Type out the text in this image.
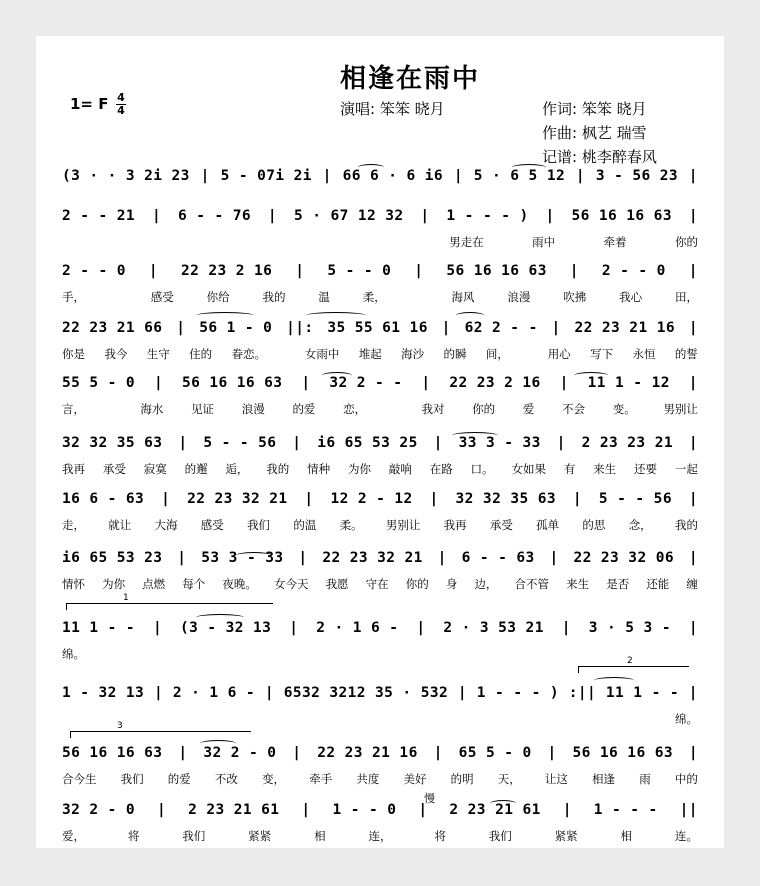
相逢在雨中
1= F 4
4	演唱: 笨笨 晓月	作词: 笨笨 晓月
作曲: 枫艺 瑞雪
记谱: 桃李醉春风
(3 · · 3 2i 23 | 5 - 07i 2i | 66 6 · 6 i6 | 5 · 6 5 12 | 3 - 56 23 |
2 - - 21 | 6 - - 76 | 5 · 67 12 32 | 1 - - - ) | 56 16 16 63 |
男走在	雨中	牵着	你的
2 - - 0 | 22 23 2 16 | 5 - - 0 | 56 16 16 63 | 2 - - 0 |
手，	感受	你给	我的	温	柔，	海风	浪漫	吹拂	我心	田，
22 23 21 66 | 56 1 - 0 ||: 35 55 61 16 | 62 2 - - | 22 23 21 16 |
你是 我今 生守 住的 眷恋。	女雨中 堆起 海沙 的瞬 间，	用心 写下 永恒 的誓
55 5 - 0 | 56 16 16 63 | 32 2 - - | 22 23 2 16 | 11 1 - 12 |
言，	海水 见证 浪漫 的爱 恋，	我对 你的 爱 不会 变。 男别让
32 32 35 63 | 5 - - 56 | i6 65 53 25 | 33 3 - 33 | 2 23 23 21 |
我再 承受 寂寞 的邂 逅， 我的 情种 为你 敲响 在路 口。 女如果 有 来生 还要 一起
16 6 - 63 | 22 23 32 21 | 12 2 - 12 | 32 32 35 63 | 5 - - 56 |
走， 就让 大海 感受 我们 的温 柔。 男别让 我再 承受 孤单 的思 念， 我的
i6 65 53 23 | 53 3 - 33 | 22 23 32 21 | 6 - - 63 | 22 23 32 06 |
情怀 为你 点燃 每个 夜晚。 女今天 我愿 守在 你的 身 边， 合不管 来生 是否 还能 缠
11 1 - - | (3 - 32 13 | 2 · 1 6 - | 2 · 3 53 21 | 3 · 5 3 - |
绵。
1 - 32 13 | 2 · 1 6 - | 6532 3212 35 · 532 | 1 - - - ) :|| 11 1 - - |
绵。
56 16 16 63 | 32 2 - 0 | 22 23 21 16 | 65 5 - 0 | 56 16 16 63 |
合今生 我们 的爱 不改 变， 牵手 共度 美好 的明 天， 让这 相逢 雨 中的
32 2 - 0 | 2 23 21 61 | 1 - - 0 | 2 23 21 61 | 1 - - - ||
爱，	将	我们	紧紧	相	连，	将	我们	紧紧	相	连。
1
2
3
慢
